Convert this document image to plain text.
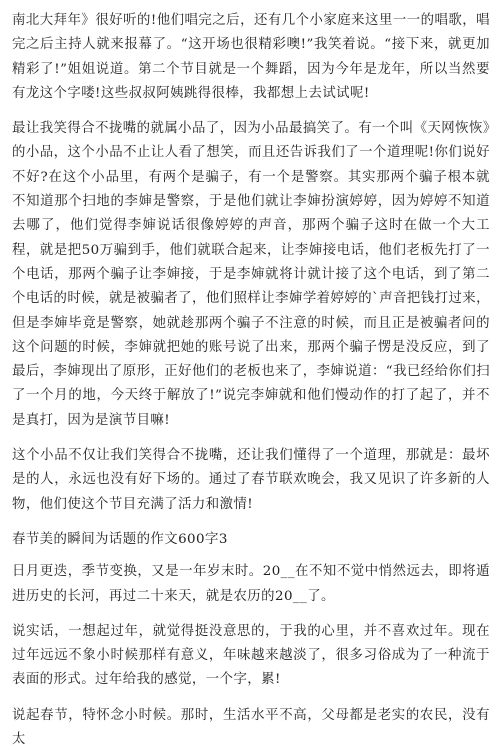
南北大拜年》很好听的!他们唱完之后，还有几个小家庭来这里一一的唱歌，唱完之后主持人就来报幕了。“这开场也很精彩噢!”我笑着说。“接下来，就更加精彩了!”姐姐说道。第二个节目就是一个舞蹈，因为今年是龙年，所以当然要有龙这个字喽!这些叔叔阿姨跳得很棒，我都想上去试试呢!

最让我笑得合不拢嘴的就属小品了，因为小品最搞笑了。有一个叫《天网恢恢》的小品，这个小品不止让人看了想笑，而且还告诉我们了一个道理呢!你们说好不好?在这个小品里，有两个是骗子，有一个是警察。其实那两个骗子根本就不知道那个扫地的李婶是警察，于是他们就让李婶扮演婷婷，因为婷婷不知道去哪了，他们觉得李婶说话很像婷婷的声音，那两个骗子这时在做一个大工程，就是把50万骗到手，他们就联合起来，让李婶接电话，他们老板先打了一个电话，那两个骗子让李婶接，于是李婶就将计就计接了这个电话，到了第二个电话的时候，就是被骗者了，他们照样让李婶学着婷婷的`声音把钱打过来，但是李婶毕竟是警察，她就趁那两个骗子不注意的时候，而且正是被骗者问的这个问题的时候，李婶就把她的账号说了出来，那两个骗子愣是没反应，到了最后，李婶现出了原形，正好他们的老板也来了，李婶说道：“我已经给你们扫了一个月的地，今天终于解放了!”说完李婶就和他们慢动作的打了起了，并不是真打，因为是演节目嘛!

这个小品不仅让我们笑得合不拢嘴，还让我们懂得了一个道理，那就是：最坏是的人，永远也没有好下场的。通过了春节联欢晚会，我又见识了许多新的人物，他们使这个节目充满了活力和激情!

春节美的瞬间为话题的作文600字3

日月更迭，季节变换，又是一年岁末时。20__在不知不觉中悄然远去，即将遁进历史的长河，再过二十来天，就是农历的20__了。

说实话，一想起过年，就觉得挺没意思的，于我的心里，并不喜欢过年。现在过年远远不象小时候那样有意义，年味越来越淡了，很多习俗成为了一种流于表面的形式。过年给我的感觉，一个字，累!

说起春节，特怀念小时候。那时，生活水平不高，父母都是老实的农民，没有太
